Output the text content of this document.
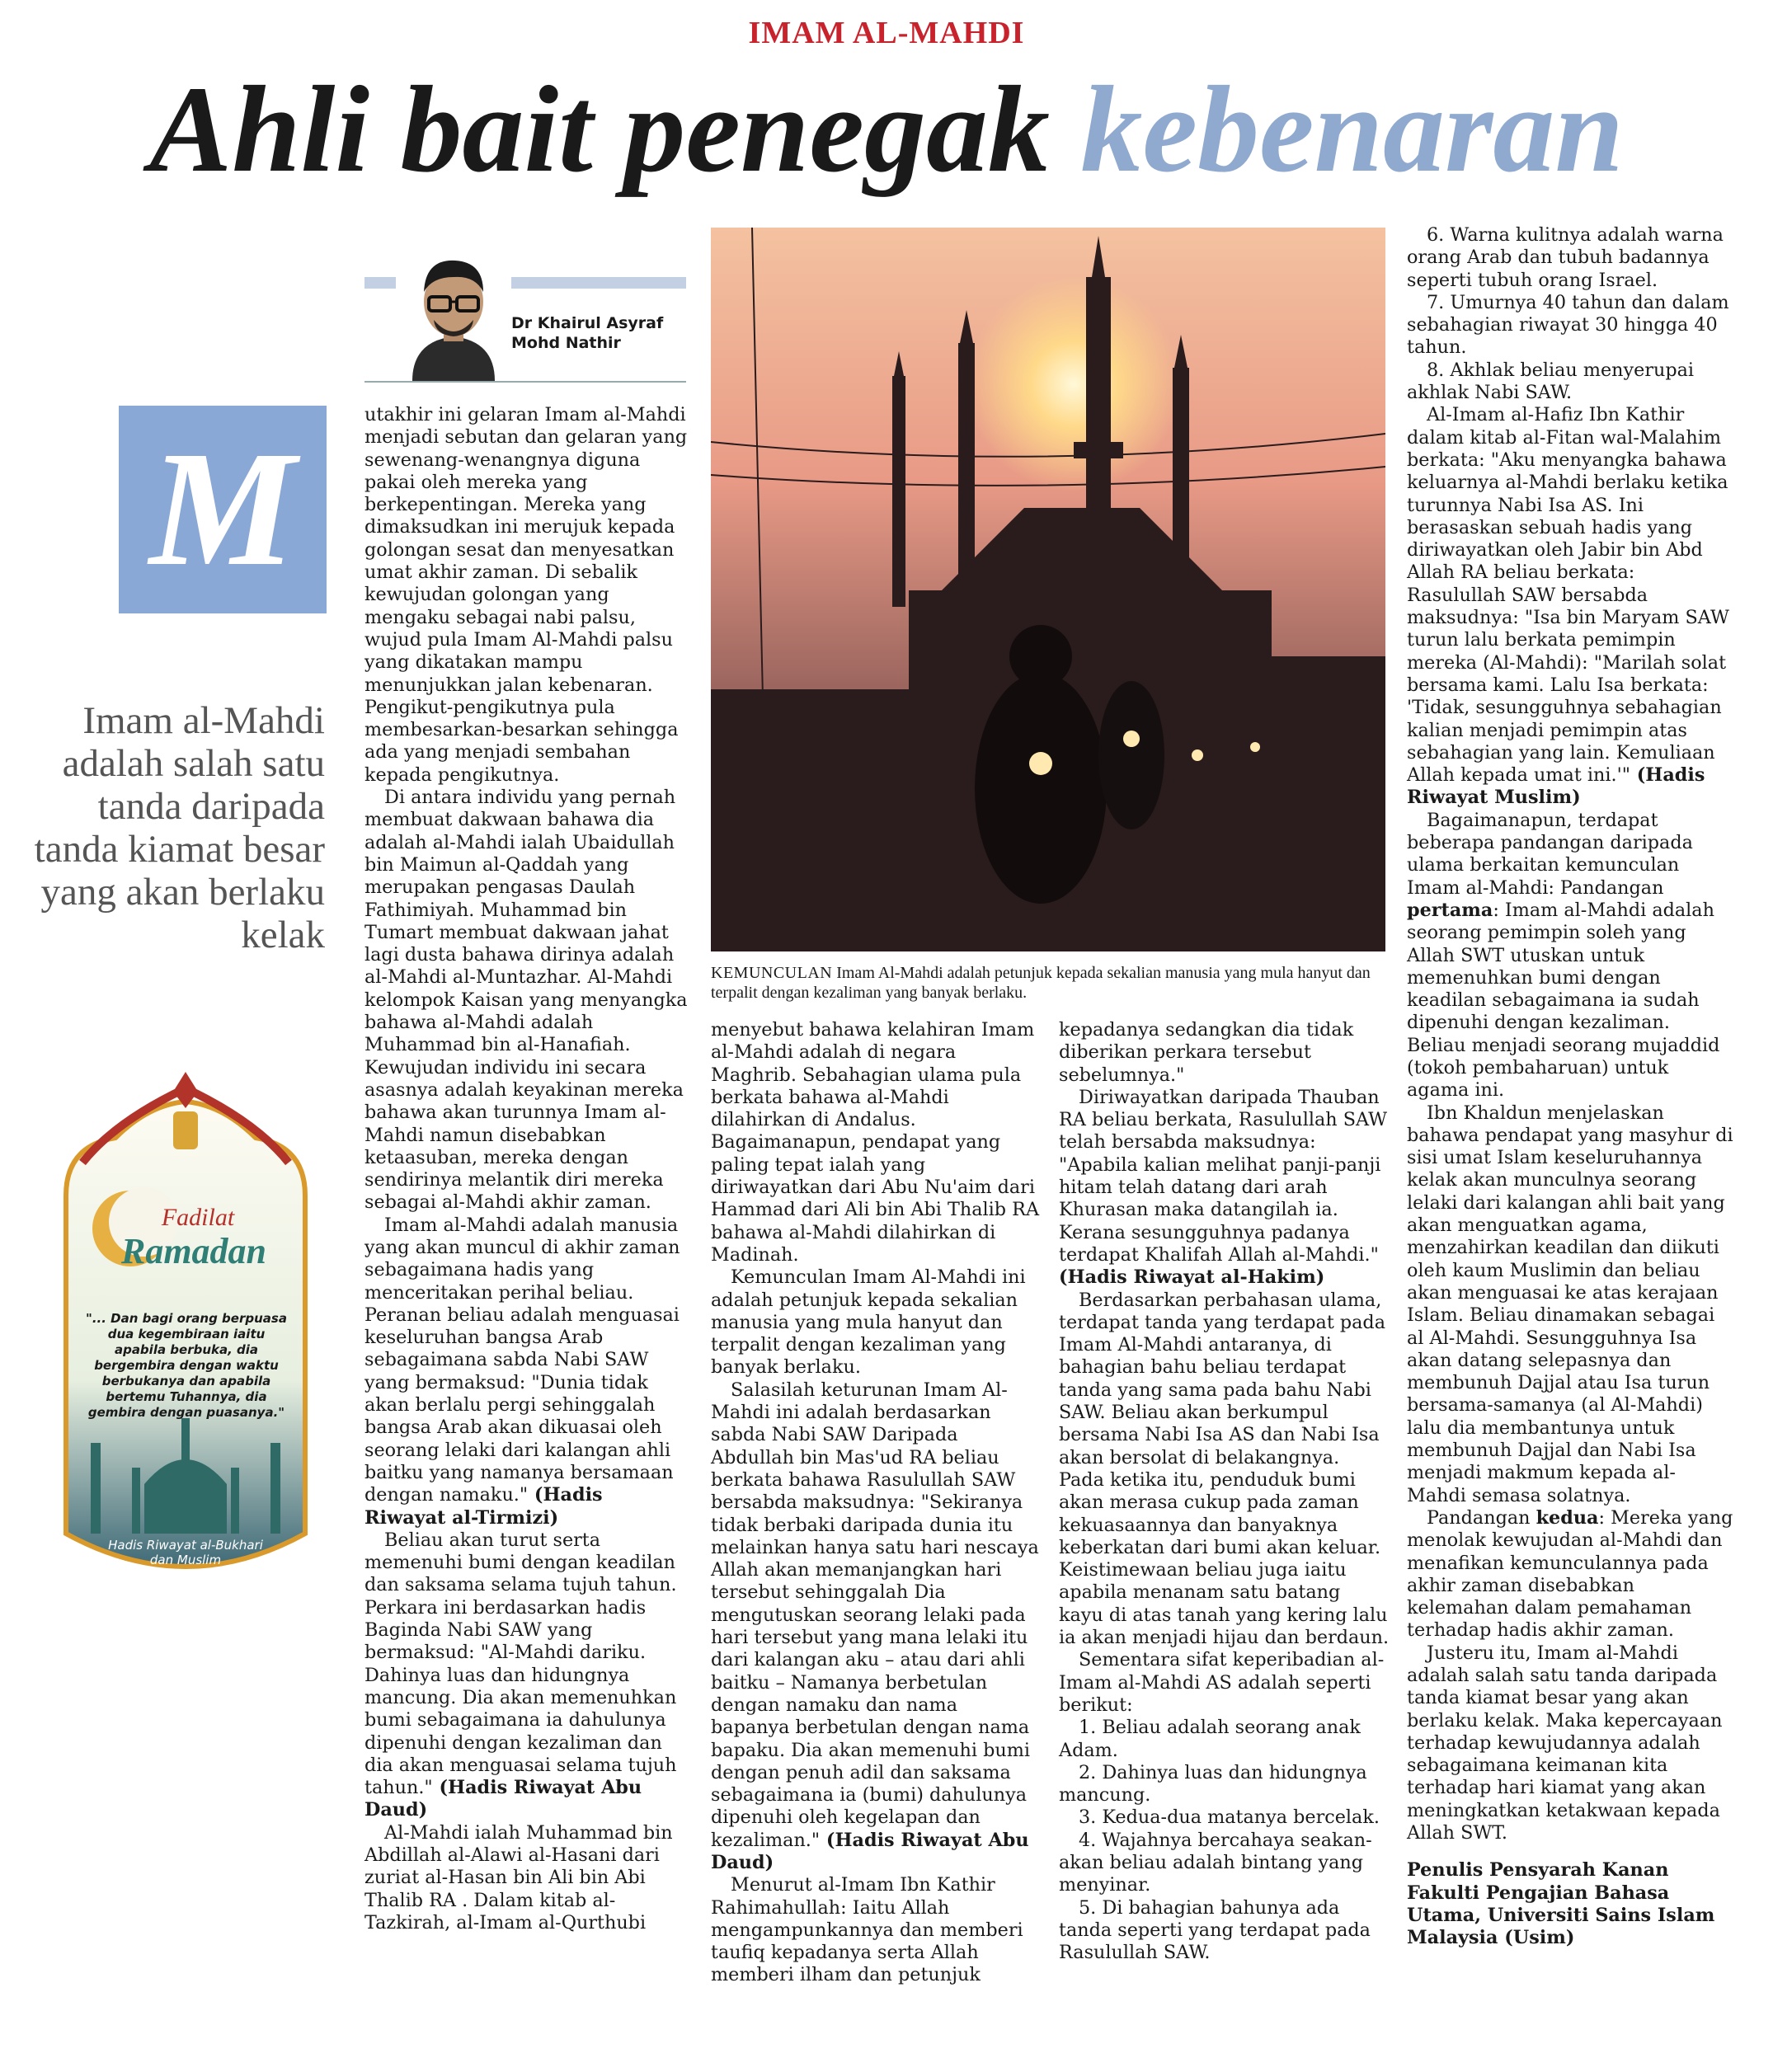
IMAM AL-MAHDI
Ahli bait penegak kebenaran
Dr Khairul Asyraf
Mohd Nathir
M
Imam al-Mahdi adalah salah satu tanda daripada tanda kiamat besar yang akan berlaku kelak
Fadilat
Ramadan
"... Dan bagi orang berpuasa dua kegembiraan iaitu apabila berbuka, dia bergembira dengan waktu berbukanya dan apabila bertemu Tuhannya, dia gembira dengan puasanya."
Hadis Riwayat al-Bukhari dan Muslim
KEMUNCULAN Imam Al-Mahdi adalah petunjuk kepada sekalian manusia yang mula hanyut dan terpalit dengan kezaliman yang banyak berlaku.

utakhir ini gelaran Imam al-Mahdi menjadi sebutan dan gelaran yang sewenang-wenangnya diguna pakai oleh mereka yang berkepentingan. Mereka yang dimaksudkan ini merujuk kepada golongan sesat dan menyesatkan umat akhir zaman. Di sebalik kewujudan golongan yang mengaku sebagai nabi palsu, wujud pula Imam Al-Mahdi palsu yang dikatakan mampu menunjukkan jalan kebenaran. Pengikut-pengikutnya pula membesarkan-besarkan sehingga ada yang menjadi sembahan kepada pengikutnya.

Di antara individu yang pernah membuat dakwaan bahawa dia adalah al-Mahdi ialah Ubaidullah bin Maimun al-Qaddah yang merupakan pengasas Daulah Fathimiyah. Muhammad bin Tumart membuat dakwaan jahat lagi dusta bahawa dirinya adalah al-Mahdi al-Muntazhar. Al-Mahdi kelompok Kaisan yang menyangka bahawa al-Mahdi adalah Muhammad bin al-Hanafiah. Kewujudan individu ini secara asasnya adalah keyakinan mereka bahawa akan turunnya Imam al-Mahdi namun disebabkan ketaasuban, mereka dengan sendirinya melantik diri mereka sebagai al-Mahdi akhir zaman.

Imam al-Mahdi adalah manusia yang akan muncul di akhir zaman sebagaimana hadis yang menceritakan perihal beliau. Peranan beliau adalah menguasai keseluruhan bangsa Arab sebagaimana sabda Nabi SAW yang bermaksud: "Dunia tidak akan berlalu pergi sehinggalah bangsa Arab akan dikuasai oleh seorang lelaki dari kalangan ahli baitku yang namanya bersamaan dengan namaku." (Hadis Riwayat al-Tirmizi)

Beliau akan turut serta memenuhi bumi dengan keadilan dan saksama selama tujuh tahun. Perkara ini berdasarkan hadis Baginda Nabi SAW yang bermaksud: "Al-Mahdi dariku. Dahinya luas dan hidungnya mancung. Dia akan memenuhkan bumi sebagaimana ia dahulunya dipenuhi dengan kezaliman dan dia akan menguasai selama tujuh tahun." (Hadis Riwayat Abu Daud)

Al-Mahdi ialah Muhammad bin Abdillah al-Alawi al-Hasani dari zuriat al-Hasan bin Ali bin Abi Thalib RA . Dalam kitab al-Tazkirah, al-Imam al-Qurthubi

menyebut bahawa kelahiran Imam al-Mahdi adalah di negara Maghrib. Sebahagian ulama pula berkata bahawa al-Mahdi dilahirkan di Andalus. Bagaimanapun, pendapat yang paling tepat ialah yang diriwayatkan dari Abu Nu'aim dari Hammad dari Ali bin Abi Thalib RA bahawa al-Mahdi dilahirkan di Madinah.

Kemunculan Imam Al-Mahdi ini adalah petunjuk kepada sekalian manusia yang mula hanyut dan terpalit dengan kezaliman yang banyak berlaku.

Salasilah keturunan Imam Al-Mahdi ini adalah berdasarkan sabda Nabi SAW Daripada Abdullah bin Mas'ud RA beliau berkata bahawa Rasulullah SAW bersabda maksudnya: "Sekiranya tidak berbaki daripada dunia itu melainkan hanya satu hari nescaya Allah akan memanjangkan hari tersebut sehinggalah Dia mengutuskan seorang lelaki pada hari tersebut yang mana lelaki itu dari kalangan aku – atau dari ahli baitku – Namanya berbetulan dengan namaku dan nama bapanya berbetulan dengan nama bapaku. Dia akan memenuhi bumi dengan penuh adil dan saksama sebagaimana ia (bumi) dahulunya dipenuhi oleh kegelapan dan kezaliman." (Hadis Riwayat Abu Daud)

Menurut al-Imam Ibn Kathir Rahimahullah: Iaitu Allah mengampunkannya dan memberi taufiq kepadanya serta Allah memberi ilham dan petunjuk

kepadanya sedangkan dia tidak diberikan perkara tersebut sebelumnya."

Diriwayatkan daripada Thauban RA beliau berkata, Rasulullah SAW telah bersabda maksudnya: "Apabila kalian melihat panji-panji hitam telah datang dari arah Khurasan maka datangilah ia. Kerana sesungguhnya padanya terdapat Khalifah Allah al-Mahdi." (Hadis Riwayat al-Hakim)

Berdasarkan perbahasan ulama, terdapat tanda yang terdapat pada Imam Al-Mahdi antaranya, di bahagian bahu beliau terdapat tanda yang sama pada bahu Nabi SAW. Beliau akan berkumpul bersama Nabi Isa AS dan Nabi Isa akan bersolat di belakangnya. Pada ketika itu, penduduk bumi akan merasa cukup pada zaman kekuasaannya dan banyaknya keberkatan dari bumi akan keluar. Keistimewaan beliau juga iaitu apabila menanam satu batang kayu di atas tanah yang kering lalu ia akan menjadi hijau dan berdaun.

Sementara sifat keperibadian al-Imam al-Mahdi AS adalah seperti berikut:

1. Beliau adalah seorang anak Adam.

2. Dahinya luas dan hidungnya mancung.

3. Kedua-dua matanya bercelak.

4. Wajahnya bercahaya seakan-akan beliau adalah bintang yang menyinar.

5. Di bahagian bahunya ada tanda seperti yang terdapat pada Rasulullah SAW.

6. Warna kulitnya adalah warna orang Arab dan tubuh badannya seperti tubuh orang Israel.

7. Umurnya 40 tahun dan dalam sebahagian riwayat 30 hingga 40 tahun.

8. Akhlak beliau menyerupai akhlak Nabi SAW.

Al-Imam al-Hafiz Ibn Kathir dalam kitab al-Fitan wal-Malahim berkata: "Aku menyangka bahawa keluarnya al-Mahdi berlaku ketika turunnya Nabi Isa AS. Ini berasaskan sebuah hadis yang diriwayatkan oleh Jabir bin Abd Allah RA beliau berkata: Rasulullah SAW bersabda maksudnya: "Isa bin Maryam SAW turun lalu berkata pemimpin mereka (Al-Mahdi): "Marilah solat bersama kami. Lalu Isa berkata: 'Tidak, sesungguhnya sebahagian kalian menjadi pemimpin atas sebahagian yang lain. Kemuliaan Allah kepada umat ini.'" (Hadis Riwayat Muslim)

Bagaimanapun, terdapat beberapa pandangan daripada ulama berkaitan kemunculan Imam al-Mahdi: Pandangan pertama: Imam al-Mahdi adalah seorang pemimpin soleh yang Allah SWT utuskan untuk memenuhkan bumi dengan keadilan sebagaimana ia sudah dipenuhi dengan kezaliman. Beliau menjadi seorang mujaddid (tokoh pembaharuan) untuk agama ini.

Ibn Khaldun menjelaskan bahawa pendapat yang masyhur di sisi umat Islam keseluruhannya kelak akan munculnya seorang lelaki dari kalangan ahli bait yang akan menguatkan agama, menzahirkan keadilan dan diikuti oleh kaum Muslimin dan beliau akan menguasai ke atas kerajaan Islam. Beliau dinamakan sebagai al Al-Mahdi. Sesungguhnya Isa akan datang selepasnya dan membunuh Dajjal atau Isa turun bersama-samanya (al Al-Mahdi) lalu dia membantunya untuk membunuh Dajjal dan Nabi Isa menjadi makmum kepada al-Mahdi semasa solatnya.

Pandangan kedua: Mereka yang menolak kewujudan al-Mahdi dan menafikan kemunculannya pada akhir zaman disebabkan kelemahan dalam pemahaman terhadap hadis akhir zaman.

Justeru itu, Imam al-Mahdi adalah salah satu tanda daripada tanda kiamat besar yang akan berlaku kelak. Maka kepercayaan terhadap kewujudannya adalah sebagaimana keimanan kita terhadap hari kiamat yang akan meningkatkan ketakwaan kepada Allah SWT.

Penulis Pensyarah Kanan Fakulti Pengajian Bahasa Utama, Universiti Sains Islam Malaysia (Usim)
